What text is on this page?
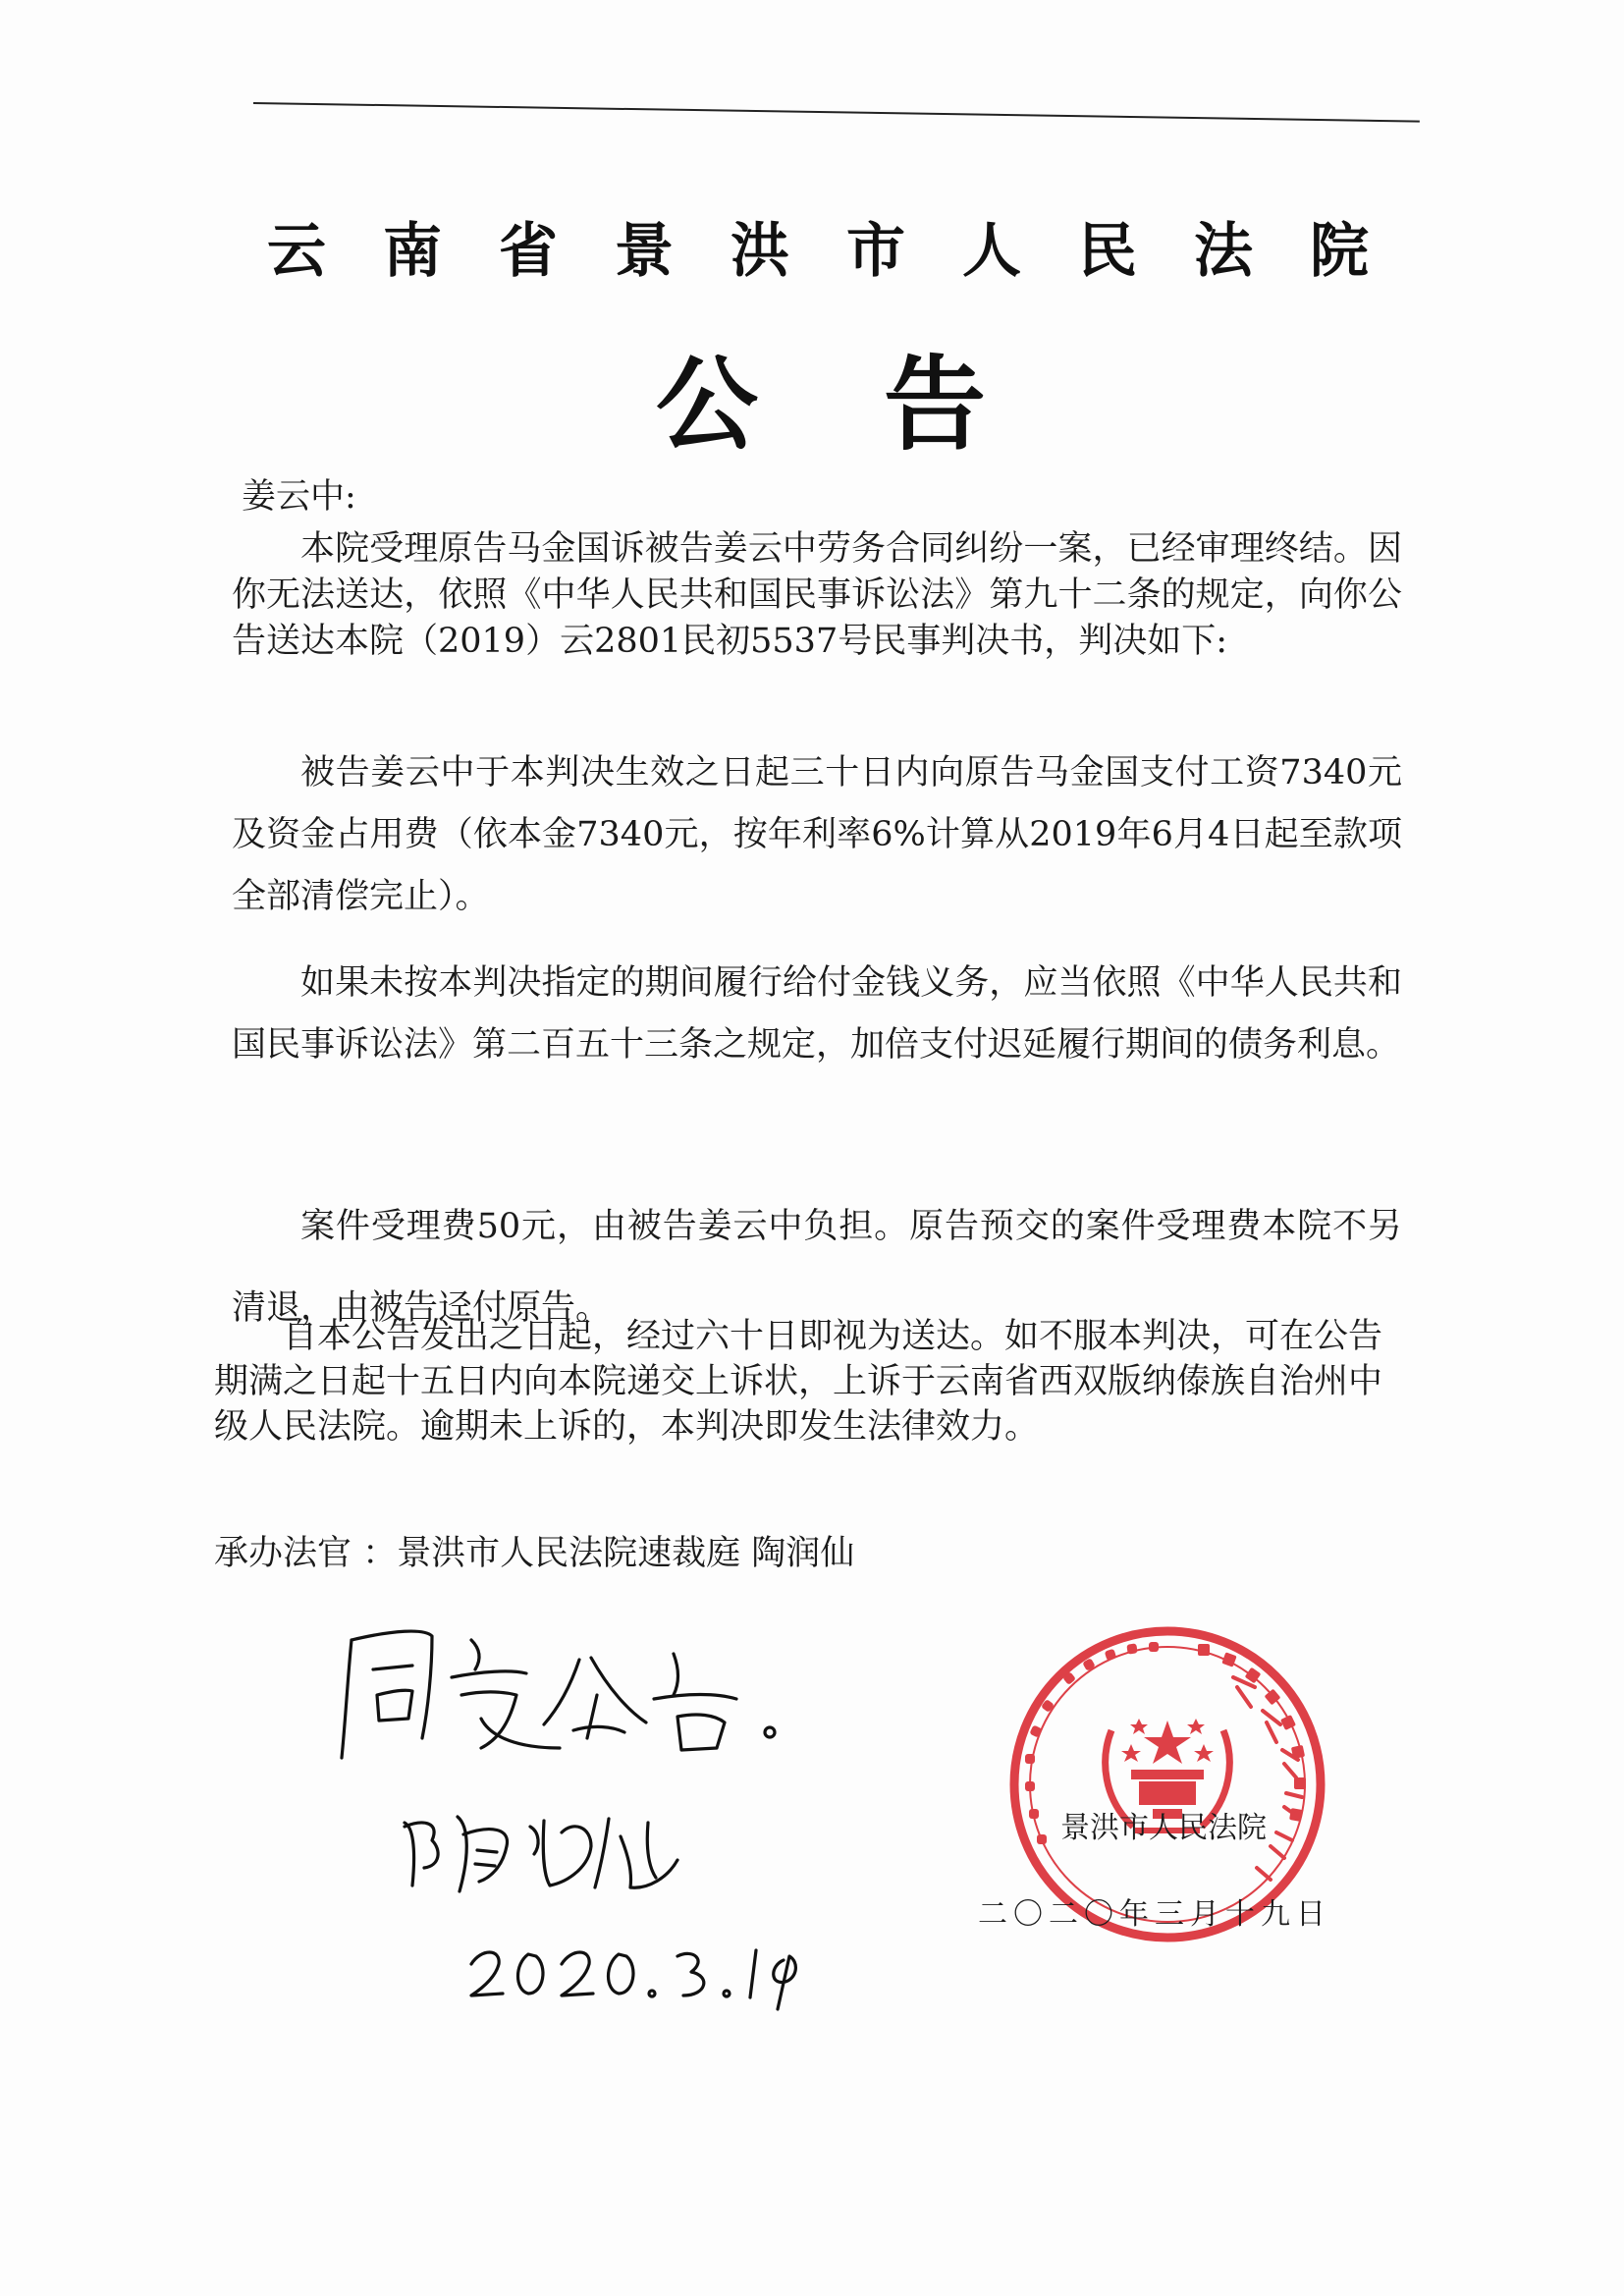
云南省景洪市人民法院
公告
姜云中:
本院受理原告马金国诉被告姜云中劳务合同纠纷一案，已经审理终结。因你无法送达，依照《中华人民共和国民事诉讼法》第九十二条的规定，向你公告送达本院（2019）云2801民初5537号民事判决书，判决如下:
被告姜云中于本判决生效之日起三十日内向原告马金国支付工资7340元及资金占用费（依本金7340元，按年利率6%计算从2019年6月4日起至款项全部清偿完止）。
如果未按本判决指定的期间履行给付金钱义务，应当依照《中华人民共和国民事诉讼法》第二百五十三条之规定，加倍支付迟延履行期间的债务利息。
案件受理费50元，由被告姜云中负担。原告预交的案件受理费本院不另清退，由被告迳付原告。
自本公告发出之日起，经过六十日即视为送达。如不服本判决，可在公告期满之日起十五日内向本院递交上诉状，上诉于云南省西双版纳傣族自治州中级人民法院。逾期未上诉的，本判决即发生法律效力。
承办法官 ：景洪市人民法院速裁庭 陶润仙
景洪市人民法院
二〇二〇年三月十九日
